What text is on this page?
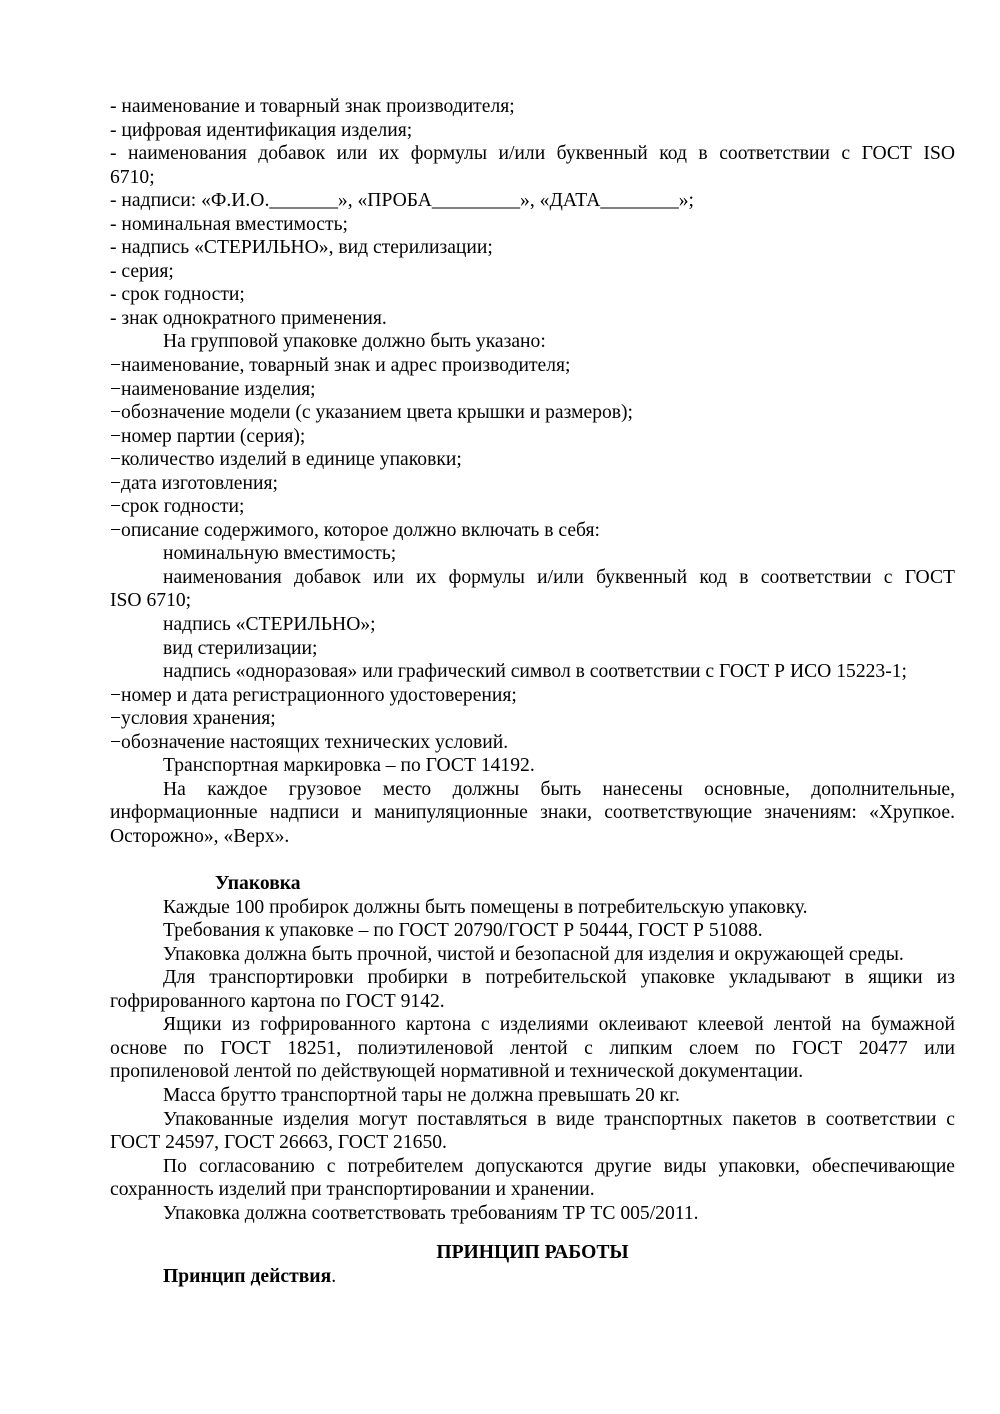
- наименование и товарный знак производителя;
- цифровая идентификация изделия;
- наименования добавок или их формулы и/или буквенный код в соответствии с ГОСТ ISO
6710;
- надписи: «Ф.И.О._______», «ПРОБА_________», «ДАТА________»;
- номинальная вместимость;
- надпись «СТЕРИЛЬНО», вид стерилизации;
- серия;
- срок годности;
- знак однократного применения.
На групповой упаковке должно быть указано:
−наименование, товарный знак и адрес производителя;
−наименование изделия;
−обозначение модели (с указанием цвета крышки и размеров);
−номер партии (серия);
−количество изделий в единице упаковки;
−дата изготовления;
−срок годности;
−описание содержимого, которое должно включать в себя:
номинальную вместимость;
наименования добавок или их формулы и/или буквенный код в соответствии с ГОСТ
ISO 6710;
надпись «СТЕРИЛЬНО»;
вид стерилизации;
надпись «одноразовая» или графический символ в соответствии с ГОСТ Р ИСО 15223-1;
−номер и дата регистрационного удостоверения;
−условия хранения;
−обозначение настоящих технических условий.
Транспортная маркировка – по ГОСТ 14192.
На каждое грузовое место должны быть нанесены основные, дополнительные,
информационные надписи и манипуляционные знаки, соответствующие значениям: «Хрупкое.
Осторожно», «Верх».
Упаковка
Каждые 100 пробирок должны быть помещены в потребительскую упаковку.
Требования к упаковке – по ГОСТ 20790/ГОСТ Р 50444, ГОСТ Р 51088.
Упаковка должна быть прочной, чистой и безопасной для изделия и окружающей среды.
Для транспортировки пробирки в потребительской упаковке укладывают в ящики из
гофрированного картона по ГОСТ 9142.
Ящики из гофрированного картона с изделиями оклеивают клеевой лентой на бумажной
основе по ГОСТ 18251, полиэтиленовой лентой с липким слоем по ГОСТ 20477 или
пропиленовой лентой по действующей нормативной и технической документации.
Масса брутто транспортной тары не должна превышать 20 кг.
Упакованные изделия могут поставляться в виде транспортных пакетов в соответствии с
ГОСТ 24597, ГОСТ 26663, ГОСТ 21650.
По согласованию с потребителем допускаются другие виды упаковки, обеспечивающие
сохранность изделий при транспортировании и хранении.
Упаковка должна соответствовать требованиям ТР ТС 005/2011.
ПРИНЦИП РАБОТЫ
Принцип действия.
